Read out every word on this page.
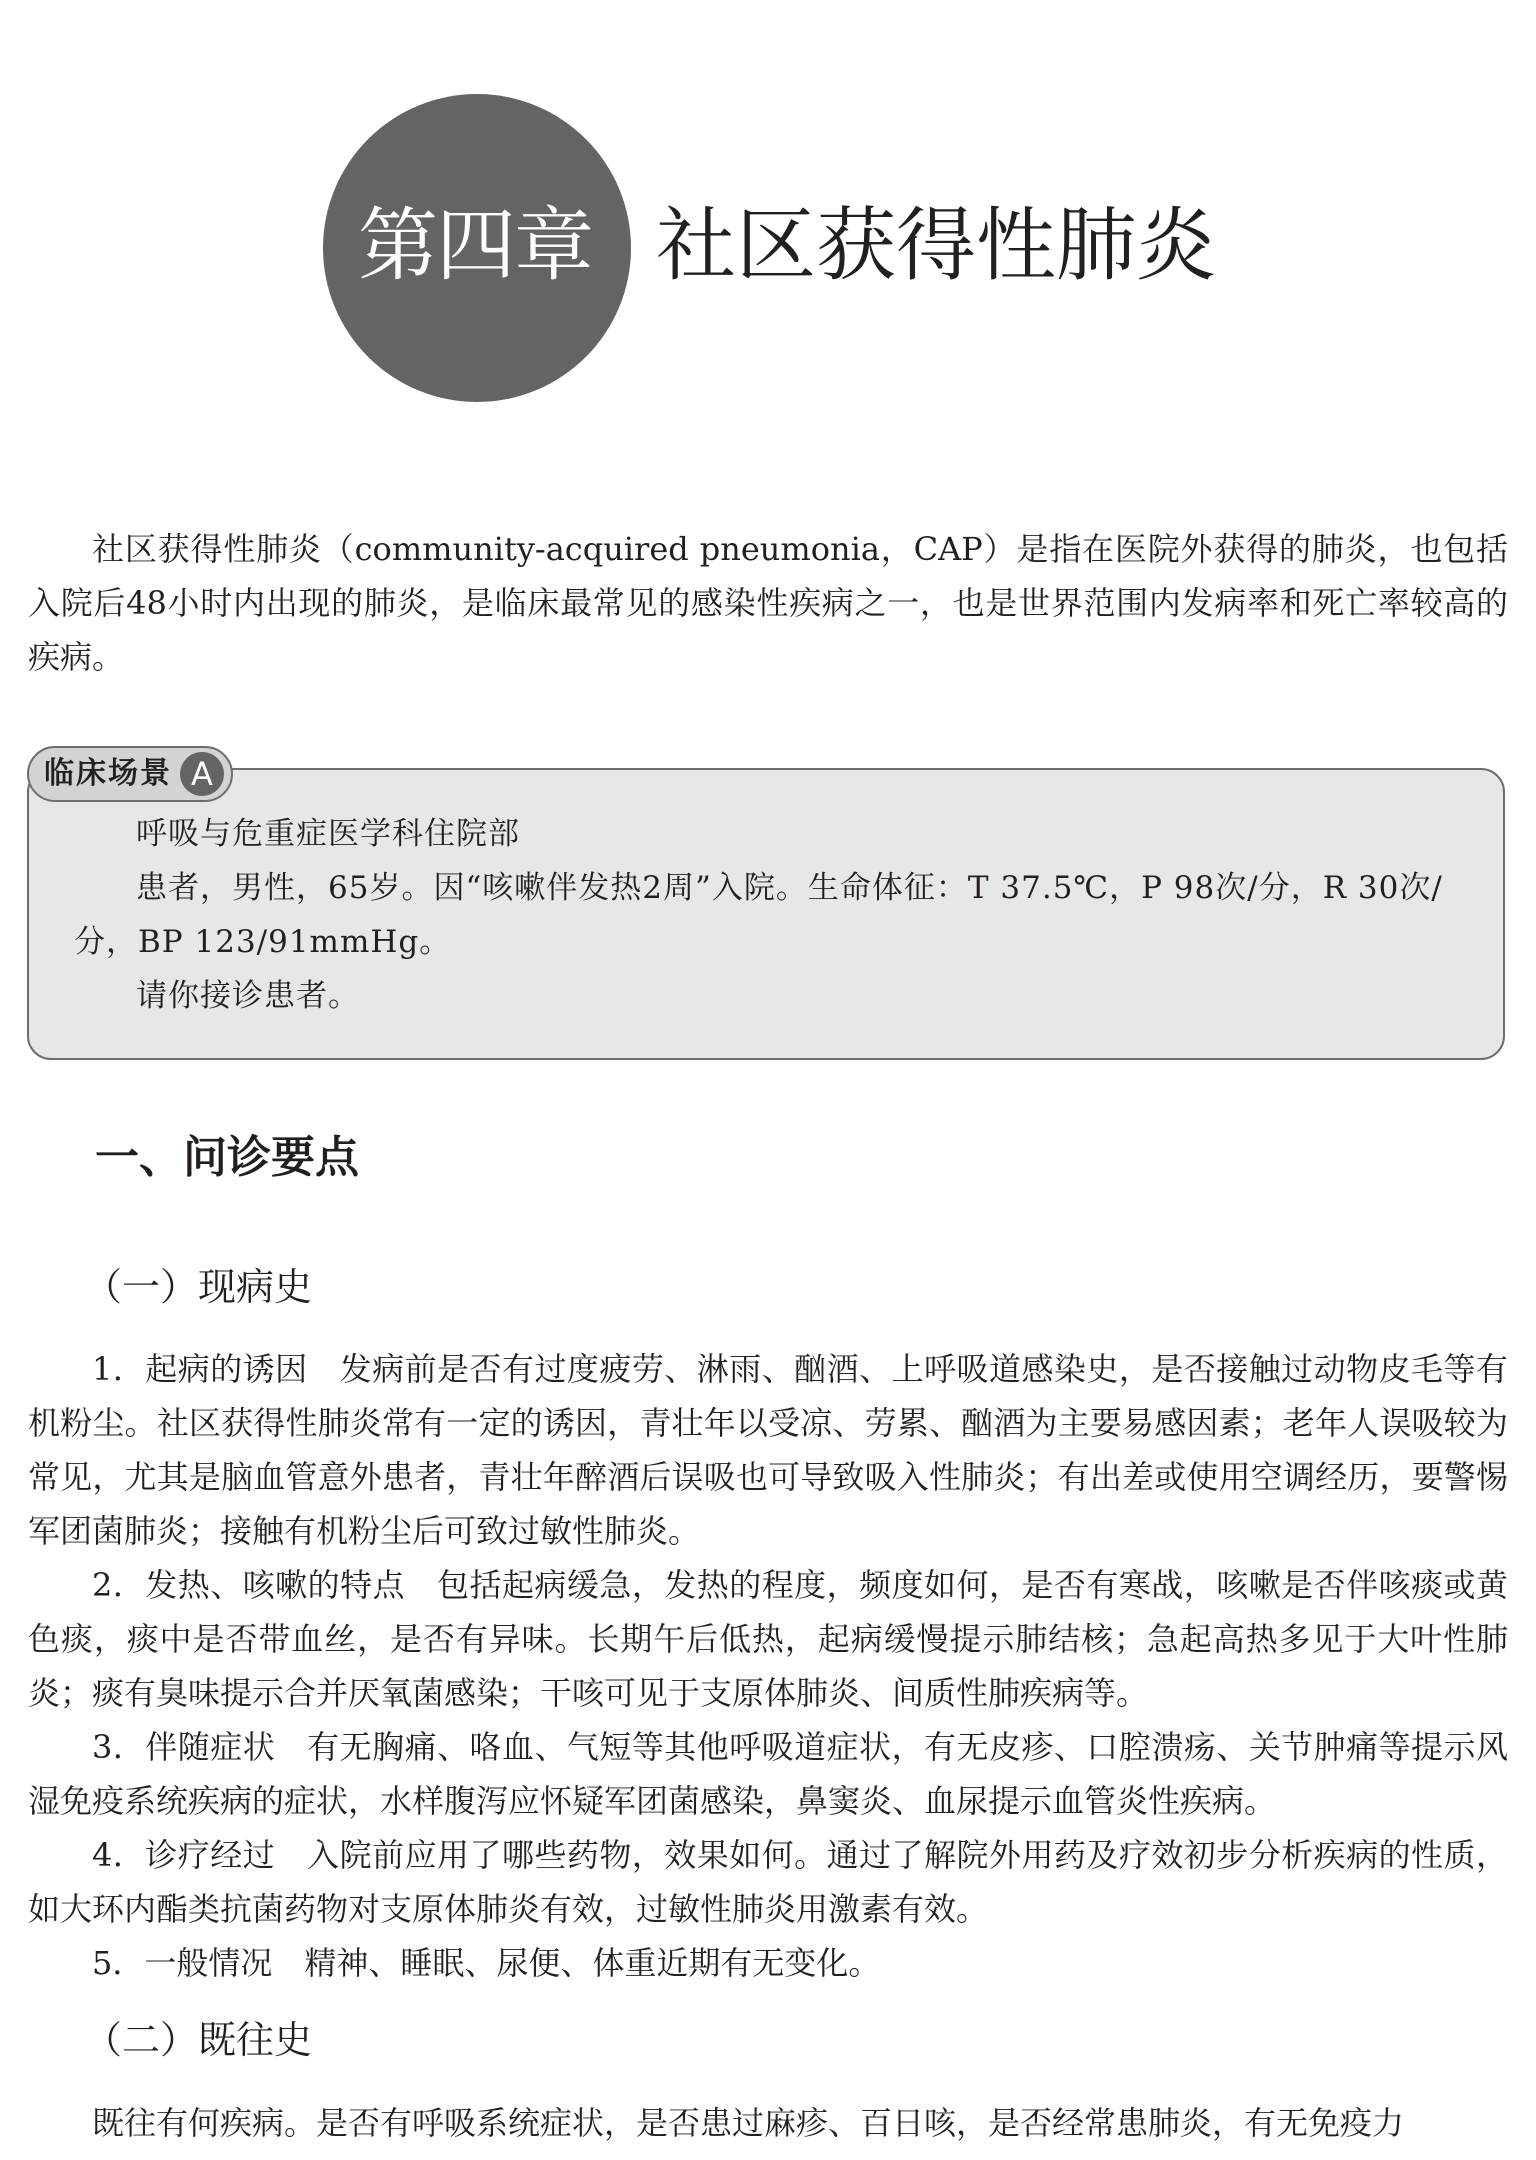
第四章 社区获得性肺炎
社区获得性肺炎（community-acquired pneumonia，CAP）是指在医院外获得的肺炎，也包括入院后48小时内出现的肺炎，是临床最常见的感染性疾病之一，也是世界范围内发病率和死亡率较高的疾病。
临床场景 A

呼吸与危重症医学科住院部

患者，男性，65岁。因“咳嗽伴发热2周”入院。生命体征：T 37.5℃，P 98次/分，R 30次/分，BP 123/91mmHg。

请你接诊患者。

一、问诊要点
（一）现病史

1．起病的诱因 发病前是否有过度疲劳、淋雨、酗酒、上呼吸道感染史，是否接触过动物皮毛等有机粉尘。社区获得性肺炎常有一定的诱因，青壮年以受凉、劳累、酗酒为主要易感因素；老年人误吸较为常见，尤其是脑血管意外患者，青壮年醉酒后误吸也可导致吸入性肺炎；有出差或使用空调经历，要警惕军团菌肺炎；接触有机粉尘后可致过敏性肺炎。

2．发热、咳嗽的特点 包括起病缓急，发热的程度，频度如何，是否有寒战，咳嗽是否伴咳痰或黄色痰，痰中是否带血丝，是否有异味。长期午后低热，起病缓慢提示肺结核；急起高热多见于大叶性肺炎；痰有臭味提示合并厌氧菌感染；干咳可见于支原体肺炎、间质性肺疾病等。

3．伴随症状 有无胸痛、咯血、气短等其他呼吸道症状，有无皮疹、口腔溃疡、关节肿痛等提示风湿免疫系统疾病的症状，水样腹泻应怀疑军团菌感染，鼻窦炎、血尿提示血管炎性疾病。

4．诊疗经过 入院前应用了哪些药物，效果如何。通过了解院外用药及疗效初步分析疾病的性质，如大环内酯类抗菌药物对支原体肺炎有效，过敏性肺炎用激素有效。

5．一般情况 精神、睡眠、尿便、体重近期有无变化。

（二）既往史
既往有何疾病。是否有呼吸系统症状，是否患过麻疹、百日咳，是否经常患肺炎，有无免疫力
